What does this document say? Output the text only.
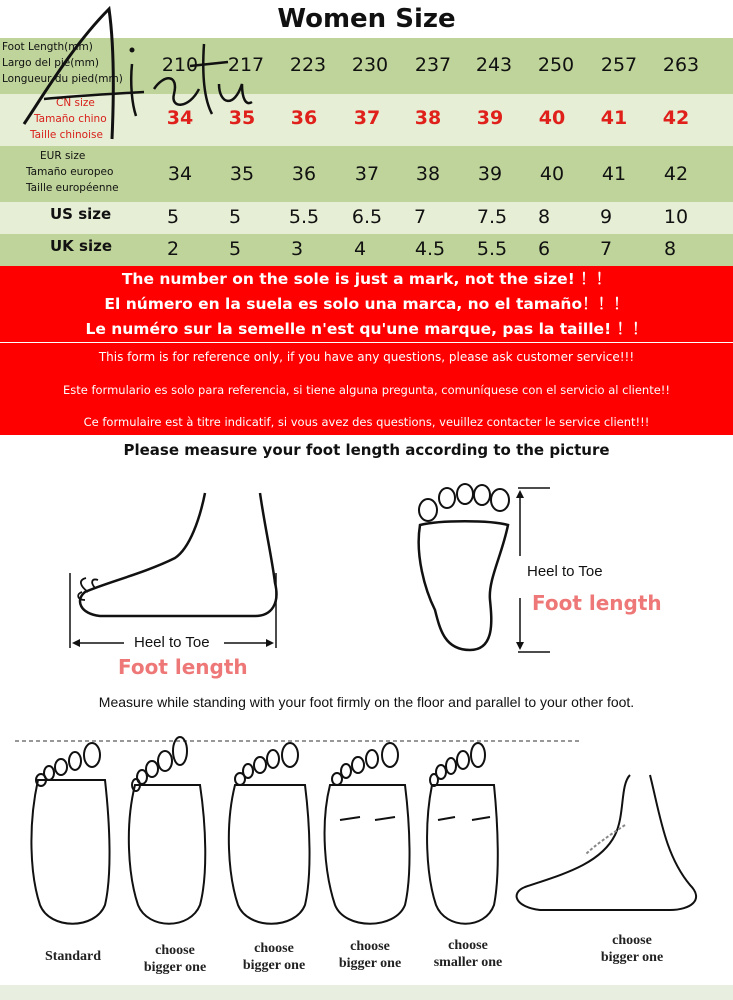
Women Size
Foot Length(mm)
Largo del pie(mm)
Longueur du pied(mm)
210	217	223	230	237	243	250	257	263
CN size
Tamaño chino
Taille chinoise
34	35	36	37	38	39	40	41	42
EUR size
Tamaño europeo
Taille européenne
34	35	36	37	38	39	40	41	42
US size	5	5	5.5	6.5	7	7.5	8	9	10
UK size	2	5	3	4	4.5	5.5	6	7	8
The number on the sole is just a mark, not the size! ！！
El número en la suela es solo una marca, no el tamaño！！！
Le numéro sur la semelle n'est qu'une marque, pas la taille! ！！
This form is for reference only, if you have any questions, please ask customer service!!!
Este formulario es solo para referencia, si tiene alguna pregunta, comuníquese con el servicio al cliente!!
Ce formulaire est à titre indicatif, si vous avez des questions, veuillez contacter le service client!!!
Please measure your foot length according to the picture
Heel to Toe
Foot length
Heel to Toe
Foot length
Measure while standing with your foot firmly on the floor and parallel to your other foot.
Standard	choose
bigger one
choose
bigger one
choose
bigger one
choose
smaller one
choose
bigger one
